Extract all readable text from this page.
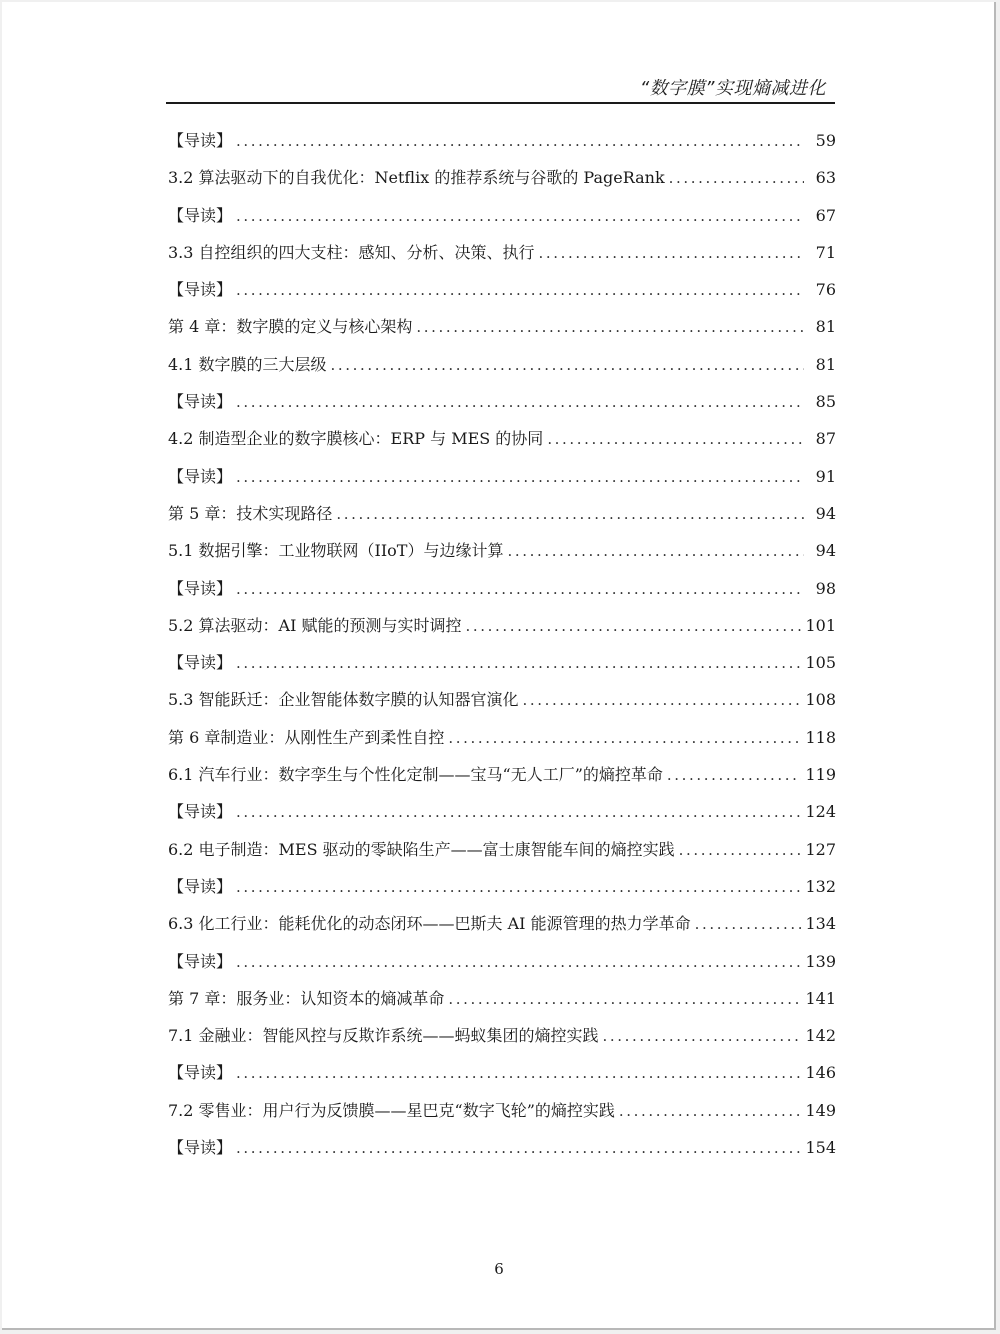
“数字膜”实现熵减进化
【导读】 .....	59
3.2 算法驱动下的自我优化：Netflix 的推荐系统与谷歌的 PageRank .....	63
【导读】 .....	67
3.3 自控组织的四大支柱：感知、分析、决策、执行 .....	71
【导读】 .....	76
第 4 章：数字膜的定义与核心架构 .....	81
4.1 数字膜的三大层级 .....	81
【导读】 .....	85
4.2 制造型企业的数字膜核心：ERP 与 MES 的协同 .....	87
【导读】 .....	91
第 5 章：技术实现路径 .....	94
5.1 数据引擎：工业物联网（IIoT）与边缘计算 .....	94
【导读】 .....	98
5.2 算法驱动：AI 赋能的预测与实时调控 .....	101
【导读】 .....	105
5.3 智能跃迁：企业智能体数字膜的认知器官演化 .....	108
第 6 章制造业：从刚性生产到柔性自控 .....	118
6.1 汽车行业：数字孪生与个性化定制——宝马“无人工厂”的熵控革命 .....	119
【导读】 .....	124
6.2 电子制造：MES 驱动的零缺陷生产——富士康智能车间的熵控实践 .....	127
【导读】 .....	132
6.3 化工行业：能耗优化的动态闭环——巴斯夫 AI 能源管理的热力学革命 .....	134
【导读】 .....	139
第 7 章：服务业：认知资本的熵减革命 .....	141
7.1 金融业：智能风控与反欺诈系统——蚂蚁集团的熵控实践 .....	142
【导读】 .....	146
7.2 零售业：用户行为反馈膜——星巴克“数字飞轮”的熵控实践 .....	149
【导读】 .....	154
6
